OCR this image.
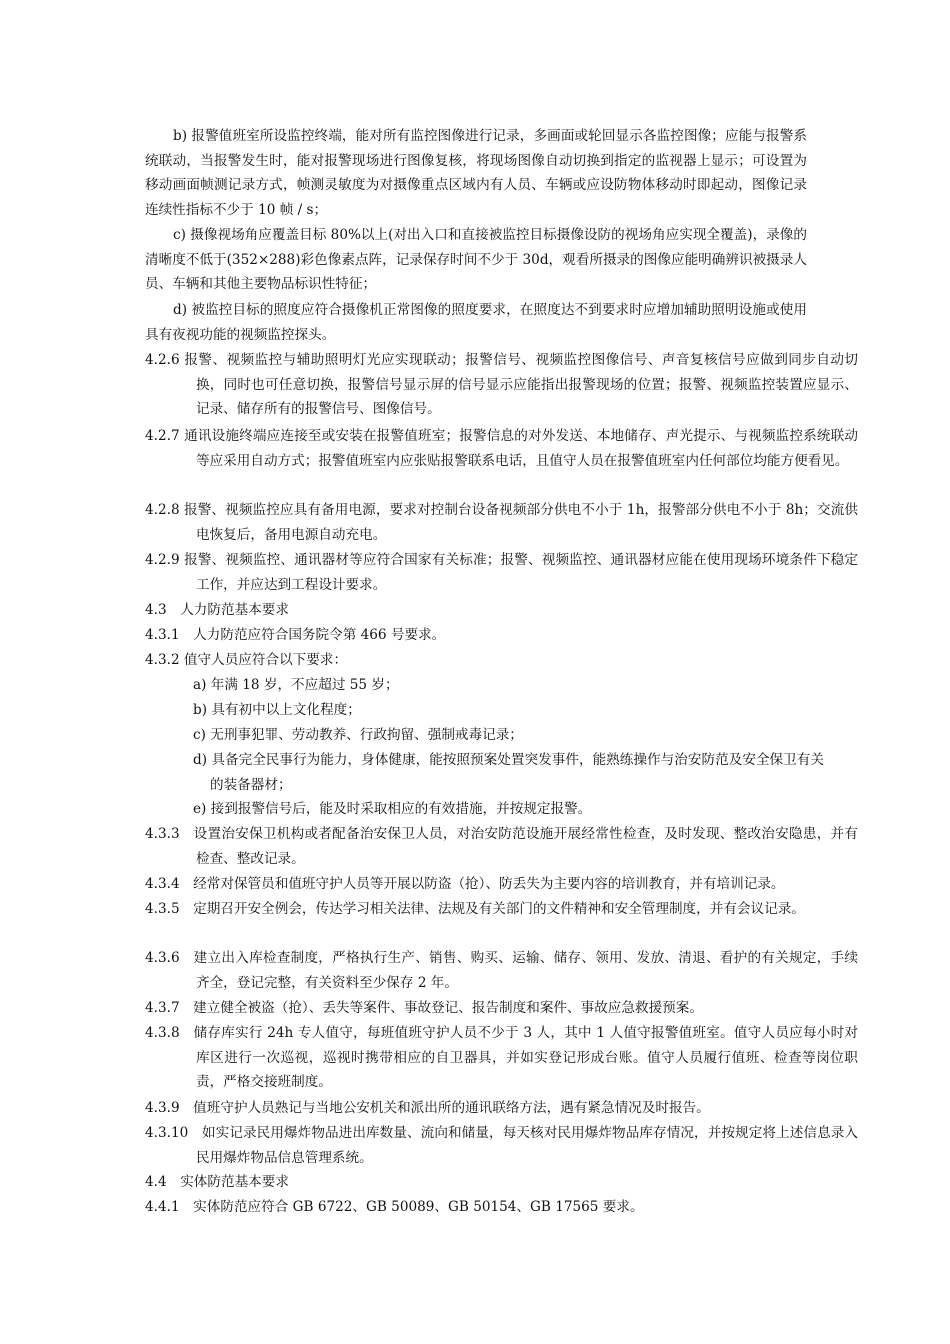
b) 报警值班室所设监控终端，能对所有监控图像进行记录，多画面或轮回显示各监控图像；应能与报警系统联动，当报警发生时，能对报警现场进行图像复核，将现场图像自动切换到指定的监视器上显示；可设置为移动画面帧测记录方式，帧测灵敏度为对摄像重点区域内有人员、车辆或应设防物体移动时即起动，图像记录连续性指标不少于 10 帧 / s；

c) 摄像视场角应覆盖目标 80%以上(对出入口和直接被监控目标摄像设防的视场角应实现全覆盖)，录像的清晰度不低于(352×288)彩色像素点阵，记录保存时间不少于 30d，观看所摄录的图像应能明确辨识被摄录人员、车辆和其他主要物品标识性特征；

d) 被监控目标的照度应符合摄像机正常图像的照度要求，在照度达不到要求时应增加辅助照明设施或使用具有夜视功能的视频监控探头。

4.2.6 报警、视频监控与辅助照明灯光应实现联动；报警信号、视频监控图像信号、声音复核信号应做到同步自动切换，同时也可任意切换，报警信号显示屏的信号显示应能指出报警现场的位置；报警、视频监控装置应显示、记录、储存所有的报警信号、图像信号。

4.2.7 通讯设施终端应连接至或安装在报警值班室；报警信息的对外发送、本地储存、声光提示、与视频监控系统联动等应采用自动方式；报警值班室内应张贴报警联系电话，且值守人员在报警值班室内任何部位均能方便看见。

4.2.8 报警、视频监控应具有备用电源，要求对控制台设备视频部分供电不小于 1h，报警部分供电不小于 8h；交流供电恢复后，备用电源自动充电。

4.2.9 报警、视频监控、通讯器材等应符合国家有关标准；报警、视频监控、通讯器材应能在使用现场环境条件下稳定工作，并应达到工程设计要求。

4.3　人力防范基本要求

4.3.1　人力防范应符合国务院令第 466 号要求。

4.3.2 值守人员应符合以下要求：

a) 年满 18 岁，不应超过 55 岁；

b) 具有初中以上文化程度；

c) 无刑事犯罪、劳动教养、行政拘留、强制戒毒记录；

d) 具备完全民事行为能力，身体健康，能按照预案处置突发事件，能熟练操作与治安防范及安全保卫有关的装备器材；

e) 接到报警信号后，能及时采取相应的有效措施，并按规定报警。

4.3.3　设置治安保卫机构或者配备治安保卫人员，对治安防范设施开展经常性检查，及时发现、整改治安隐患，并有检查、整改记录。

4.3.4　经常对保管员和值班守护人员等开展以防盗（抢）、防丢失为主要内容的培训教育，并有培训记录。

4.3.5　定期召开安全例会，传达学习相关法律、法规及有关部门的文件精神和安全管理制度，并有会议记录。

4.3.6　建立出入库检查制度，严格执行生产、销售、购买、运输、储存、领用、发放、清退、看护的有关规定，手续齐全，登记完整，有关资料至少保存 2 年。

4.3.7　建立健全被盗（抢）、丢失等案件、事故登记、报告制度和案件、事故应急救援预案。

4.3.8　储存库实行 24h 专人值守，每班值班守护人员不少于 3 人，其中 1 人值守报警值班室。值守人员应每小时对库区进行一次巡视，巡视时携带相应的自卫器具，并如实登记形成台账。值守人员履行值班、检查等岗位职责，严格交接班制度。

4.3.9　值班守护人员熟记与当地公安机关和派出所的通讯联络方法，遇有紧急情况及时报告。

4.3.10　如实记录民用爆炸物品进出库数量、流向和储量，每天核对民用爆炸物品库存情况，并按规定将上述信息录入民用爆炸物品信息管理系统。

4.4　实体防范基本要求

4.4.1　实体防范应符合 GB 6722、GB 50089、GB 50154、GB 17565 要求。
